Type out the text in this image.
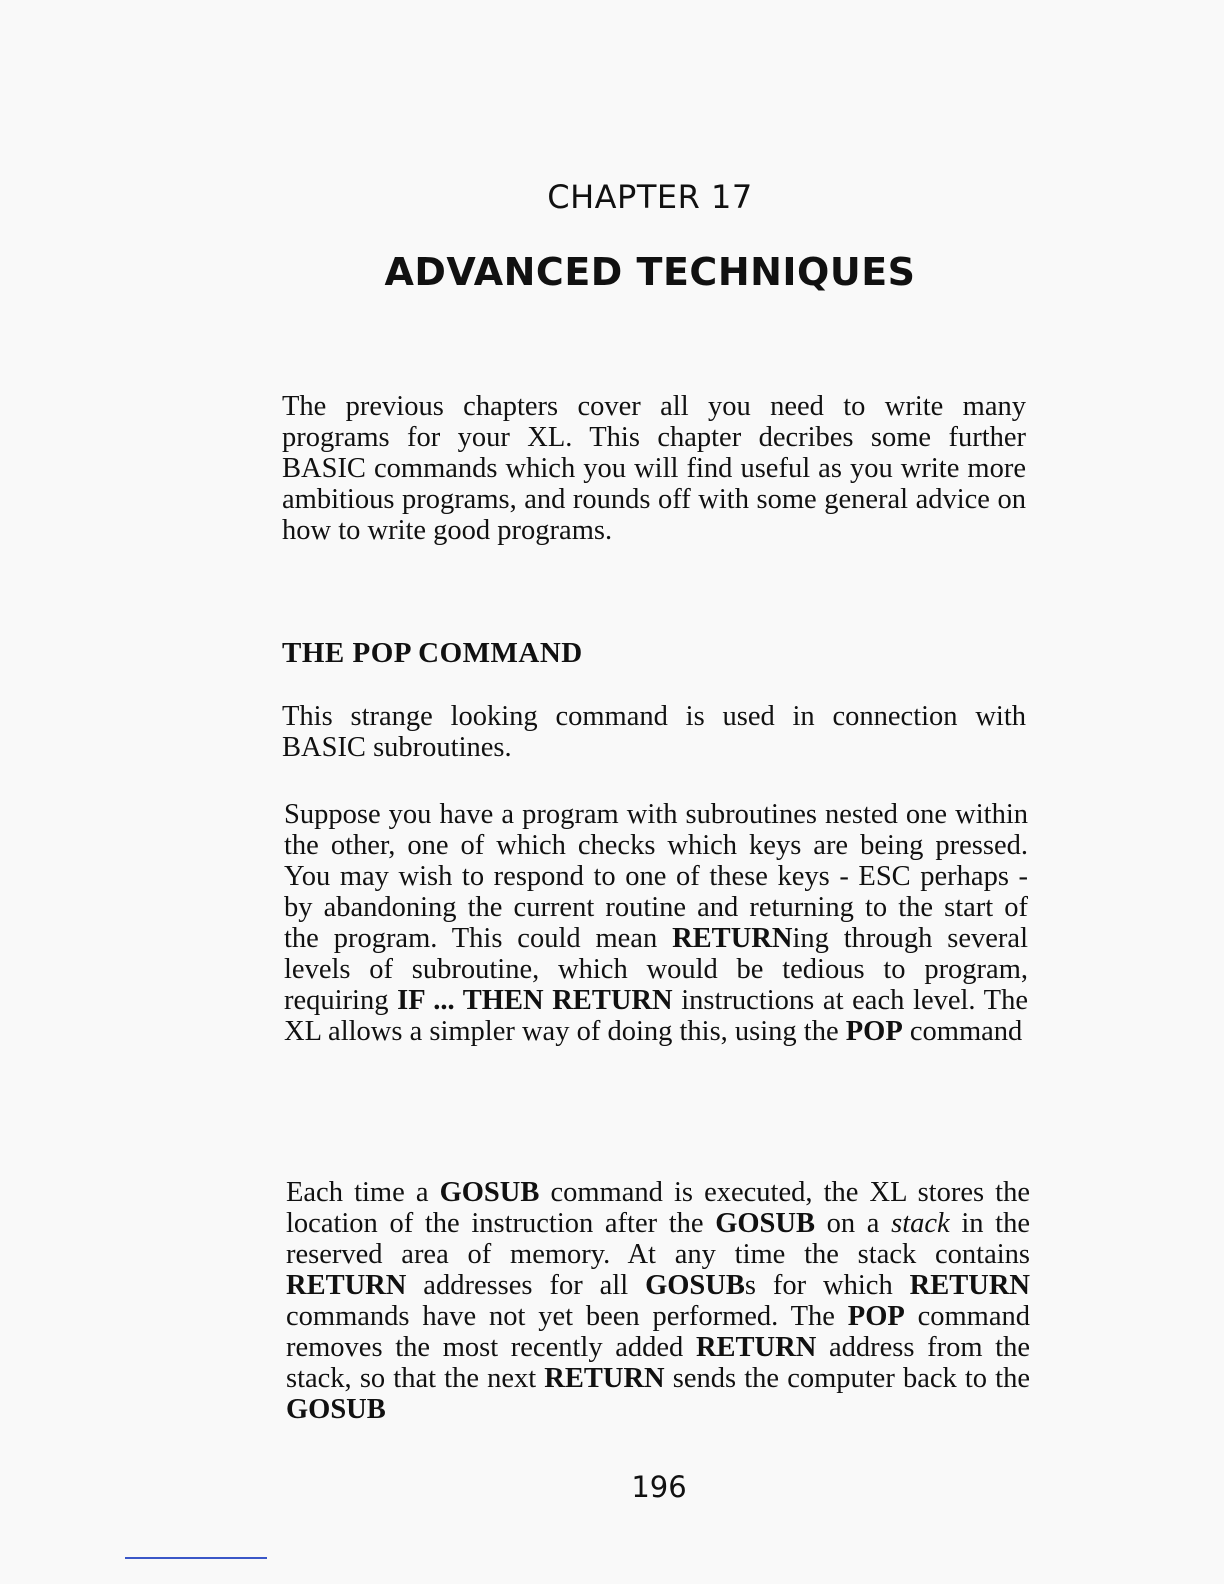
CHAPTER 17
ADVANCED TECHNIQUES

The previous chapters cover all you need to write many programs for your XL. This chapter decribes some further BASIC commands which you will find useful as you write more ambitious programs, and rounds off with some general advice on how to write good programs.

THE POP COMMAND

This strange looking command is used in connection with BASIC subroutines.

Suppose you have a program with subroutines nested one within the other, one of which checks which keys are being pressed. You may wish to respond to one of these keys - ESC perhaps - by abandoning the current routine and returning to the start of the program. This could mean RETURNing through several levels of subroutine, which would be tedious to program, requiring IF ... THEN RETURN instructions at each level. The XL allows a simpler way of doing this, using the POP command

Each time a GOSUB command is executed, the XL stores the location of the instruction after the GOSUB on a stack in the reserved area of memory. At any time the stack contains RETURN addresses for all GOSUBs for which RETURN commands have not yet been performed. The POP command removes the most recently added RETURN address from the stack, so that the next RETURN sends the computer back to the GOSUB

196
